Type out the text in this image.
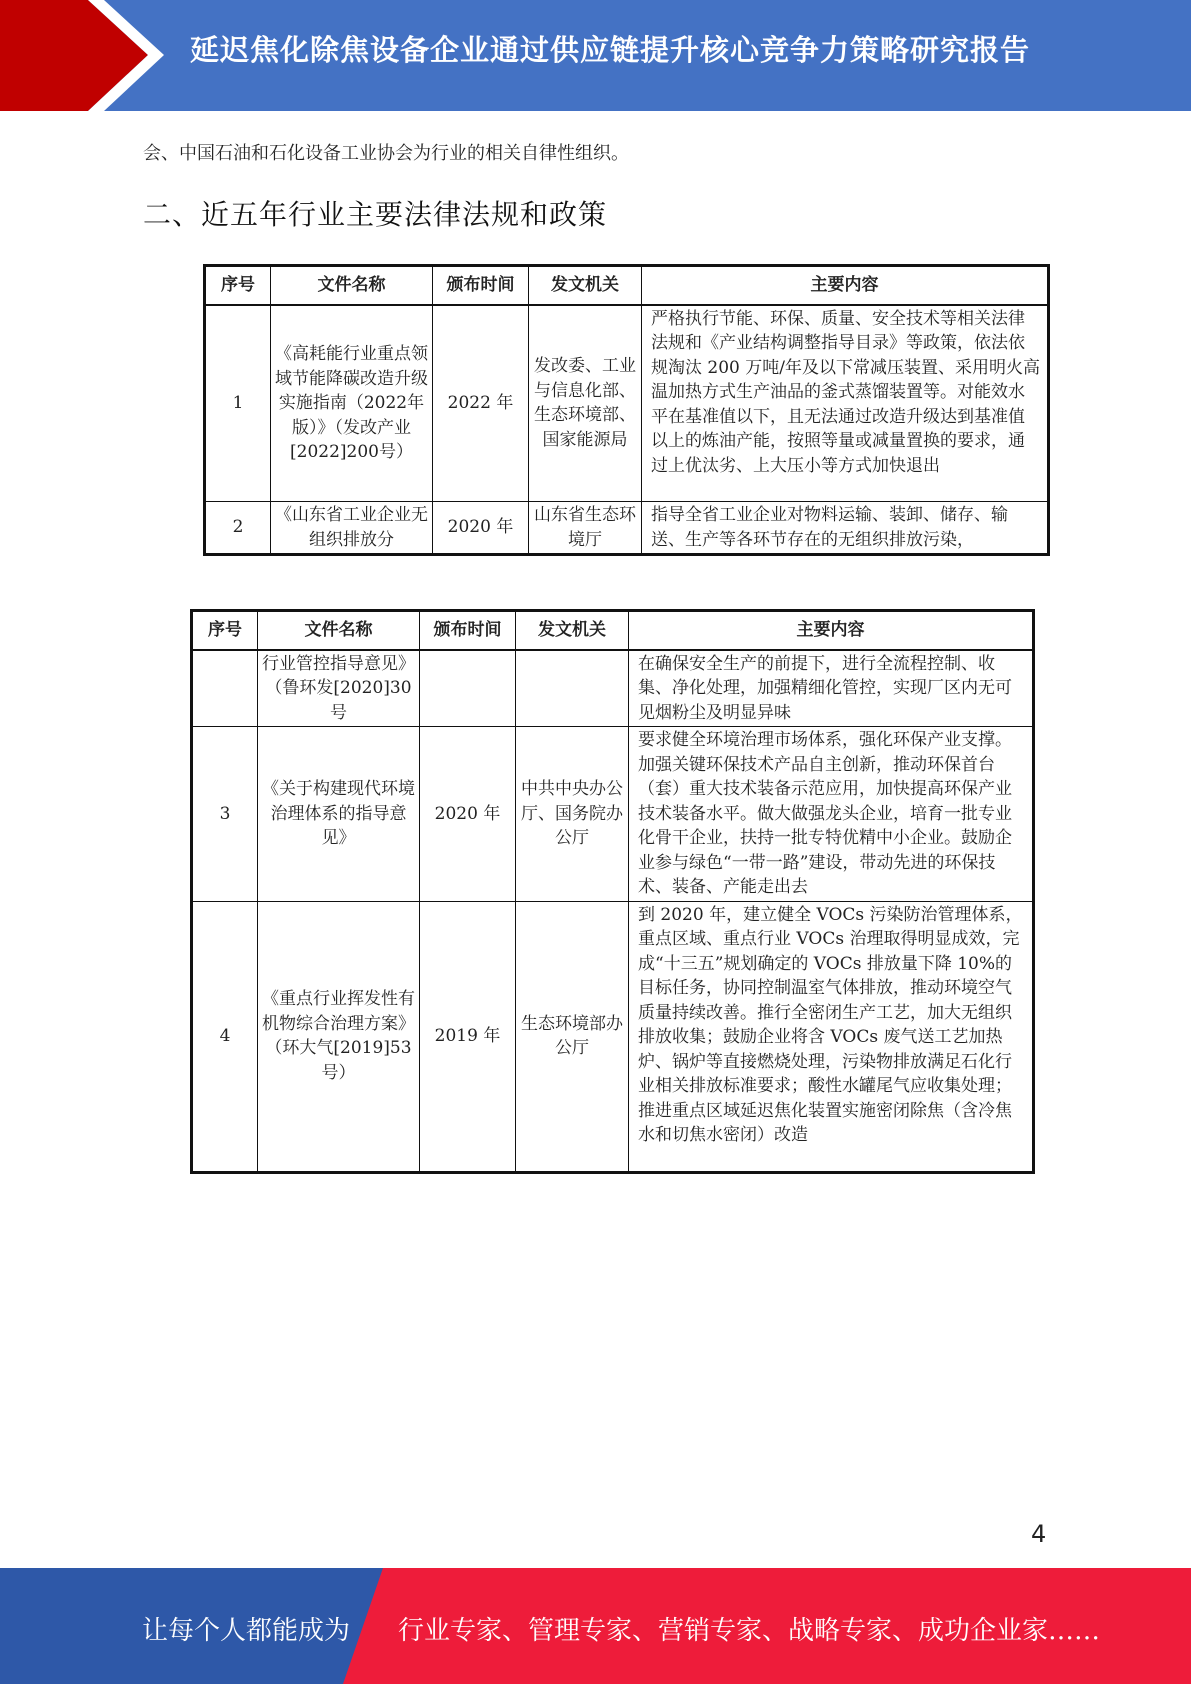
延迟焦化除焦设备企业通过供应链提升核心竞争力策略研究报告
会、中国石油和石化设备工业协会为行业的相关自律性组织。
二、近五年行业主要法律法规和政策
序号	文件名称	颁布时间	发文机关	主要内容
1	《高耗能行业重点领域节能降碳改造升级实施指南（2022年版）》（发改产业[2022]200号）	2022 年	发改委、工业与信息化部、生态环境部、国家能源局	严格执行节能、环保、质量、安全技术等相关法律法规和《产业结构调整指导目录》等政策，依法依规淘汰 200 万吨/年及以下常减压装置、采用明火高温加热方式生产油品的釜式蒸馏装置等。对能效水平在基准值以下，且无法通过改造升级达到基准值以上的炼油产能，按照等量或减量置换的要求，通过上优汰劣、上大压小等方式加快退出
2	《山东省工业企业无组织排放分	2020 年	山东省生态环境厅	指导全省工业企业对物料运输、装卸、储存、输送、生产等各环节存在的无组织排放污染，
序号	文件名称	颁布时间	发文机关	主要内容
	行业管控指导意见》（鲁环发[2020]30 号			在确保安全生产的前提下，进行全流程控制、收集、净化处理，加强精细化管控，实现厂区内无可见烟粉尘及明显异味
3	《关于构建现代环境治理体系的指导意见》	2020 年	中共中央办公厅、国务院办公厅	要求健全环境治理市场体系，强化环保产业支撑。加强关键环保技术产品自主创新，推动环保首台（套）重大技术装备示范应用，加快提高环保产业技术装备水平。做大做强龙头企业，培育一批专业化骨干企业，扶持一批专特优精中小企业。鼓励企业参与绿色“一带一路”建设，带动先进的环保技术、装备、产能走出去
4	《重点行业挥发性有机物综合治理方案》（环大气[2019]53 号）	2019 年	生态环境部办公厅	到 2020 年，建立健全 VOCs 污染防治管理体系，重点区域、重点行业 VOCs 治理取得明显成效，完成“十三五”规划确定的 VOCs 排放量下降 10%的目标任务，协同控制温室气体排放，推动环境空气质量持续改善。推行全密闭生产工艺，加大无组织排放收集；鼓励企业将含 VOCs 废气送工艺加热炉、锅炉等直接燃烧处理，污染物排放满足石化行业相关排放标准要求；酸性水罐尾气应收集处理；推进重点区域延迟焦化装置实施密闭除焦（含冷焦水和切焦水密闭）改造
4
让每个人都能成为 行业专家、管理专家、营销专家、战略专家、成功企业家……
